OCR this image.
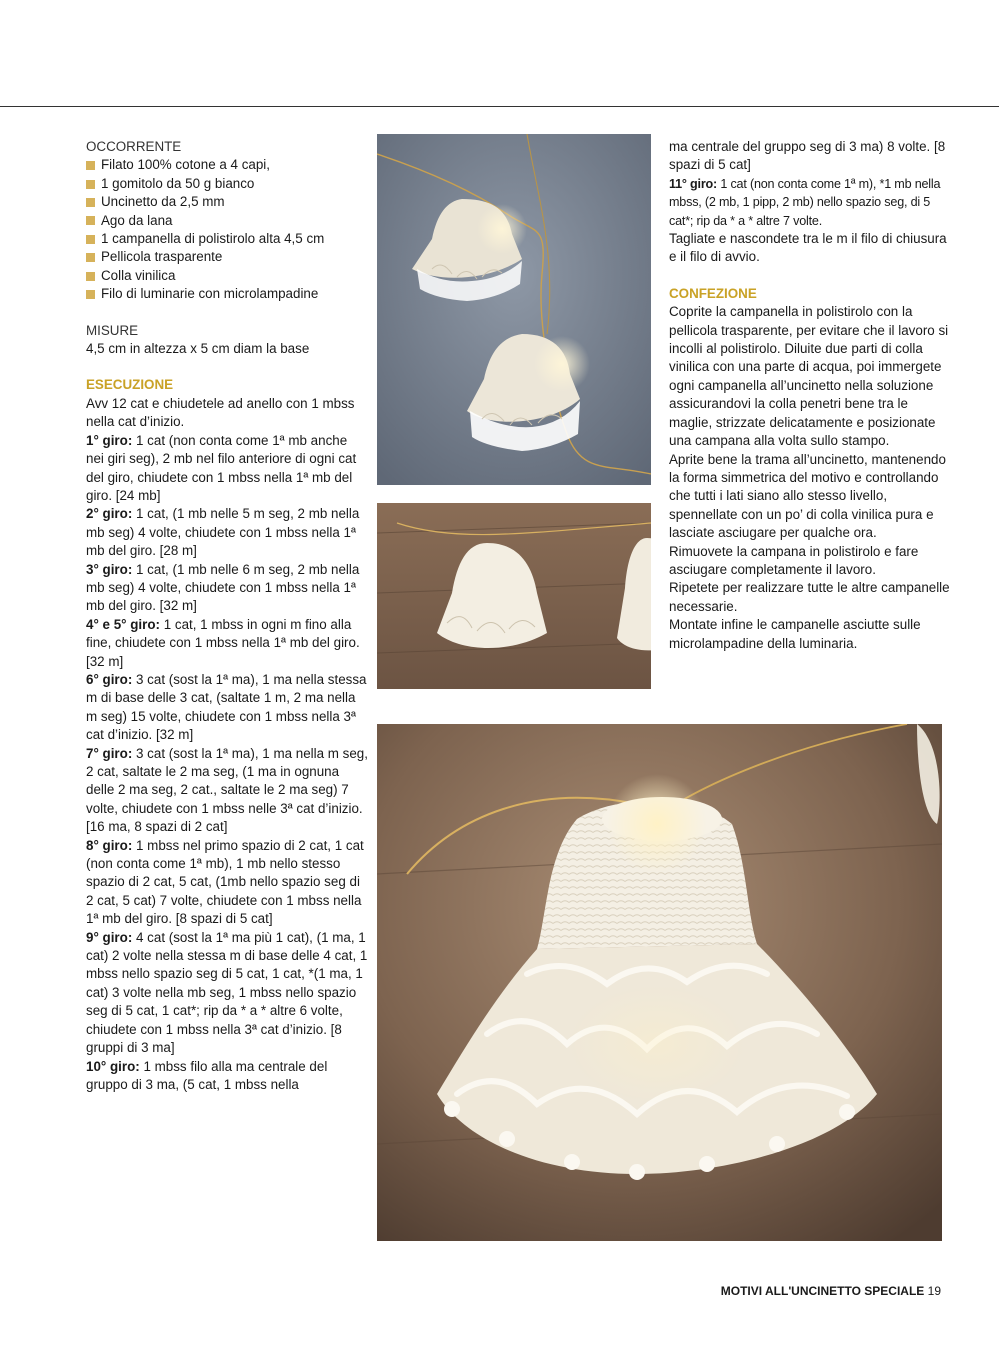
OCCORRENTE
Filato 100% cotone a 4 capi,
1 gomitolo da 50 g bianco
Uncinetto da 2,5 mm
Ago da lana
1 campanella di polistirolo alta 4,5 cm
Pellicola trasparente
Colla vinilica
Filo di luminarie con microlampadine
MISURE

4,5 cm in altezza x 5 cm diam la base

ESECUZIONE

Avv 12 cat e chiudetele ad anello con 1 mbss nella cat d’inizio.

1° giro: 1 cat (non conta come 1ª mb anche nei giri seg), 2 mb nel filo anteriore di ogni cat del giro, chiudete con 1 mbss nella 1ª mb del giro. [24 mb]

2° giro: 1 cat, (1 mb nelle 5 m seg, 2 mb nella mb seg) 4 volte, chiudete con 1 mbss nella 1ª mb del giro. [28 m]

3° giro: 1 cat, (1 mb nelle 6 m seg, 2 mb nella mb seg) 4 volte, chiudete con 1 mbss nella 1ª mb del giro. [32 m]

4° e 5° giro: 1 cat, 1 mbss in ogni m fino alla fine, chiudete con 1 mbss nella 1ª mb del giro. [32 m]

6° giro: 3 cat (sost la 1ª ma), 1 ma nella stessa m di base delle 3 cat, (saltate 1 m, 2 ma nella m seg) 15 volte, chiudete con 1 mbss nella 3ª cat d’inizio. [32 m]

7° giro: 3 cat (sost la 1ª ma), 1 ma nella m seg, 2 cat, saltate le 2 ma seg, (1 ma in ognuna delle 2 ma seg, 2 cat., saltate le 2 ma seg) 7 volte, chiudete con 1 mbss nelle 3ª cat d’inizio. [16 ma, 8 spazi di 2 cat]

8° giro: 1 mbss nel primo spazio di 2 cat, 1 cat (non conta come 1ª mb), 1 mb nello stesso spazio di 2 cat, 5 cat, (1mb nello spazio seg di 2 cat, 5 cat) 7 volte, chiudete con 1 mbss nella 1ª mb del giro. [8 spazi di 5 cat]

9° giro: 4 cat (sost la 1ª ma più 1 cat), (1 ma, 1 cat) 2 volte nella stessa m di base delle 4 cat, 1 mbss nello spazio seg di 5 cat, 1 cat, *(1 ma, 1 cat) 3 volte nella mb seg, 1 mbss nello spazio seg di 5 cat, 1 cat*; rip da * a * altre 6 volte, chiudete con 1 mbss nella 3ª cat d’inizio. [8 gruppi di 3 ma]

10° giro: 1 mbss filo alla ma centrale del gruppo di 3 ma, (5 cat, 1 mbss nella

ma centrale del gruppo seg di 3 ma) 8 volte. [8 spazi di 5 cat]

11° giro: 1 cat (non conta come 1ª m), *1 mb nella mbss, (2 mb, 1 pipp, 2 mb) nello spazio seg, di 5 cat*; rip da * a * altre 7 volte.

Tagliate e nascondete tra le m il filo di chiusura e il filo di avvio.

CONFEZIONE

Coprite la campanella in polistirolo con la pellicola trasparente, per evitare che il lavoro si incolli al polistirolo. Diluite due parti di colla vinilica con una parte di acqua, poi immergete ogni campanella all’uncinetto nella soluzione assicurandovi la colla penetri bene tra le maglie, strizzate delicatamente e posizionate una campana alla volta sullo stampo.

Aprite bene la trama all’uncinetto, mantenendo la forma simmetrica del motivo e controllando che tutti i lati siano allo stesso livello, spennellate con un po’ di colla vinilica pura e lasciate asciugare per qualche ora.

Rimuovete la campana in polistirolo e fare asciugare completamente il lavoro.

Ripetete per realizzare tutte le altre campanelle necessarie.

Montate infine le campanelle asciutte sulle microlampadine della luminaria.

MOTIVI ALL'UNCINETTO SPECIALE 19
